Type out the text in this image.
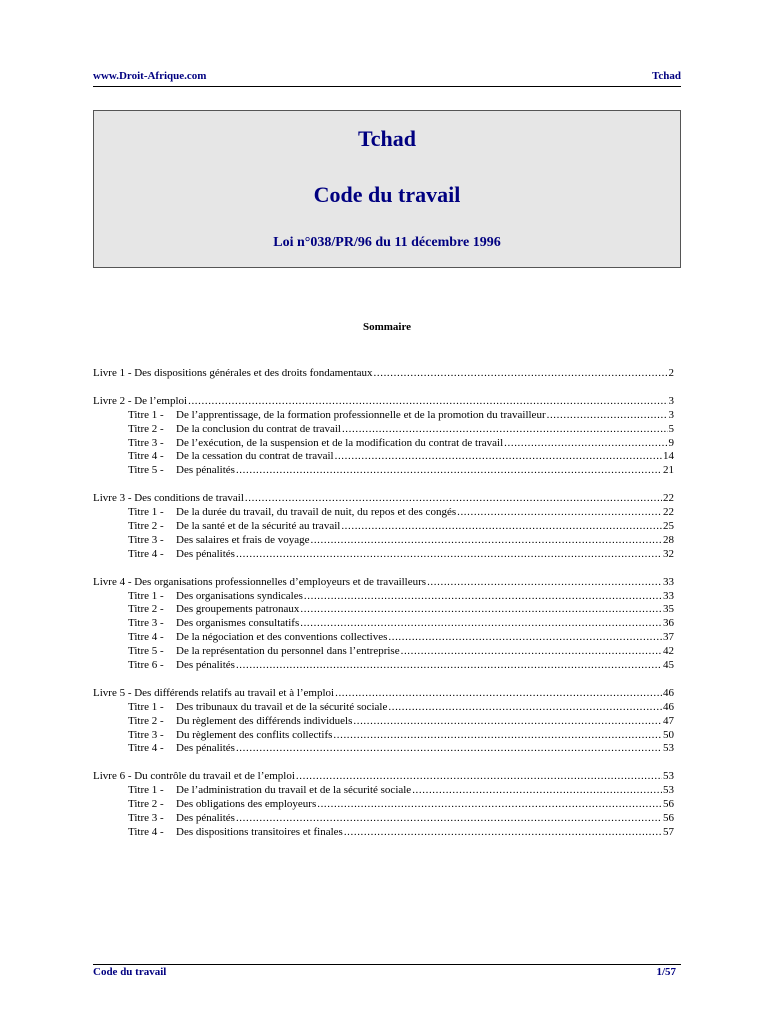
www.Droit-Afrique.com	Tchad
Tchad
Code du travail
Loi n°038/PR/96 du 11 décembre 1996
Sommaire
Livre 1 - Des dispositions générales et des droits fondamentaux .....	2
Livre 2 - De l’emploi .....	3
Titre 1 - De l’apprentissage, de la formation professionnelle et de la promotion du travailleur .....	3
Titre 2 - De la conclusion du contrat de travail .....	5
Titre 3 - De l’exécution, de la suspension et de la modification du contrat de travail .....	9
Titre 4 - De la cessation du contrat de travail .....	14
Titre 5 - Des pénalités .....	21
Livre 3 - Des conditions de travail .....	22
Titre 1 - De la durée du travail, du travail de nuit, du repos et des congés .....	22
Titre 2 - De la santé et de la sécurité au travail .....	25
Titre 3 - Des salaires et frais de voyage .....	28
Titre 4 - Des pénalités .....	32
Livre 4 - Des organisations professionnelles d’employeurs et de travailleurs .....	33
Titre 1 - Des organisations syndicales .....	33
Titre 2 - Des groupements patronaux .....	35
Titre 3 - Des organismes consultatifs .....	36
Titre 4 - De la négociation et des conventions collectives .....	37
Titre 5 - De la représentation du personnel dans l’entreprise .....	42
Titre 6 - Des pénalités .....	45
Livre 5 - Des différends relatifs au travail et à l’emploi .....	46
Titre 1 - Des tribunaux du travail et de la sécurité sociale .....	46
Titre 2 - Du règlement des différends individuels .....	47
Titre 3 - Du règlement des conflits collectifs .....	50
Titre 4 - Des pénalités .....	53
Livre 6 - Du contrôle du travail et de l’emploi .....	53
Titre 1 - De l’administration du travail et de la sécurité sociale .....	53
Titre 2 - Des obligations des employeurs .....	56
Titre 3 - Des pénalités .....	56
Titre 4 - Des dispositions transitoires et finales .....	57
Code du travail	1/57
